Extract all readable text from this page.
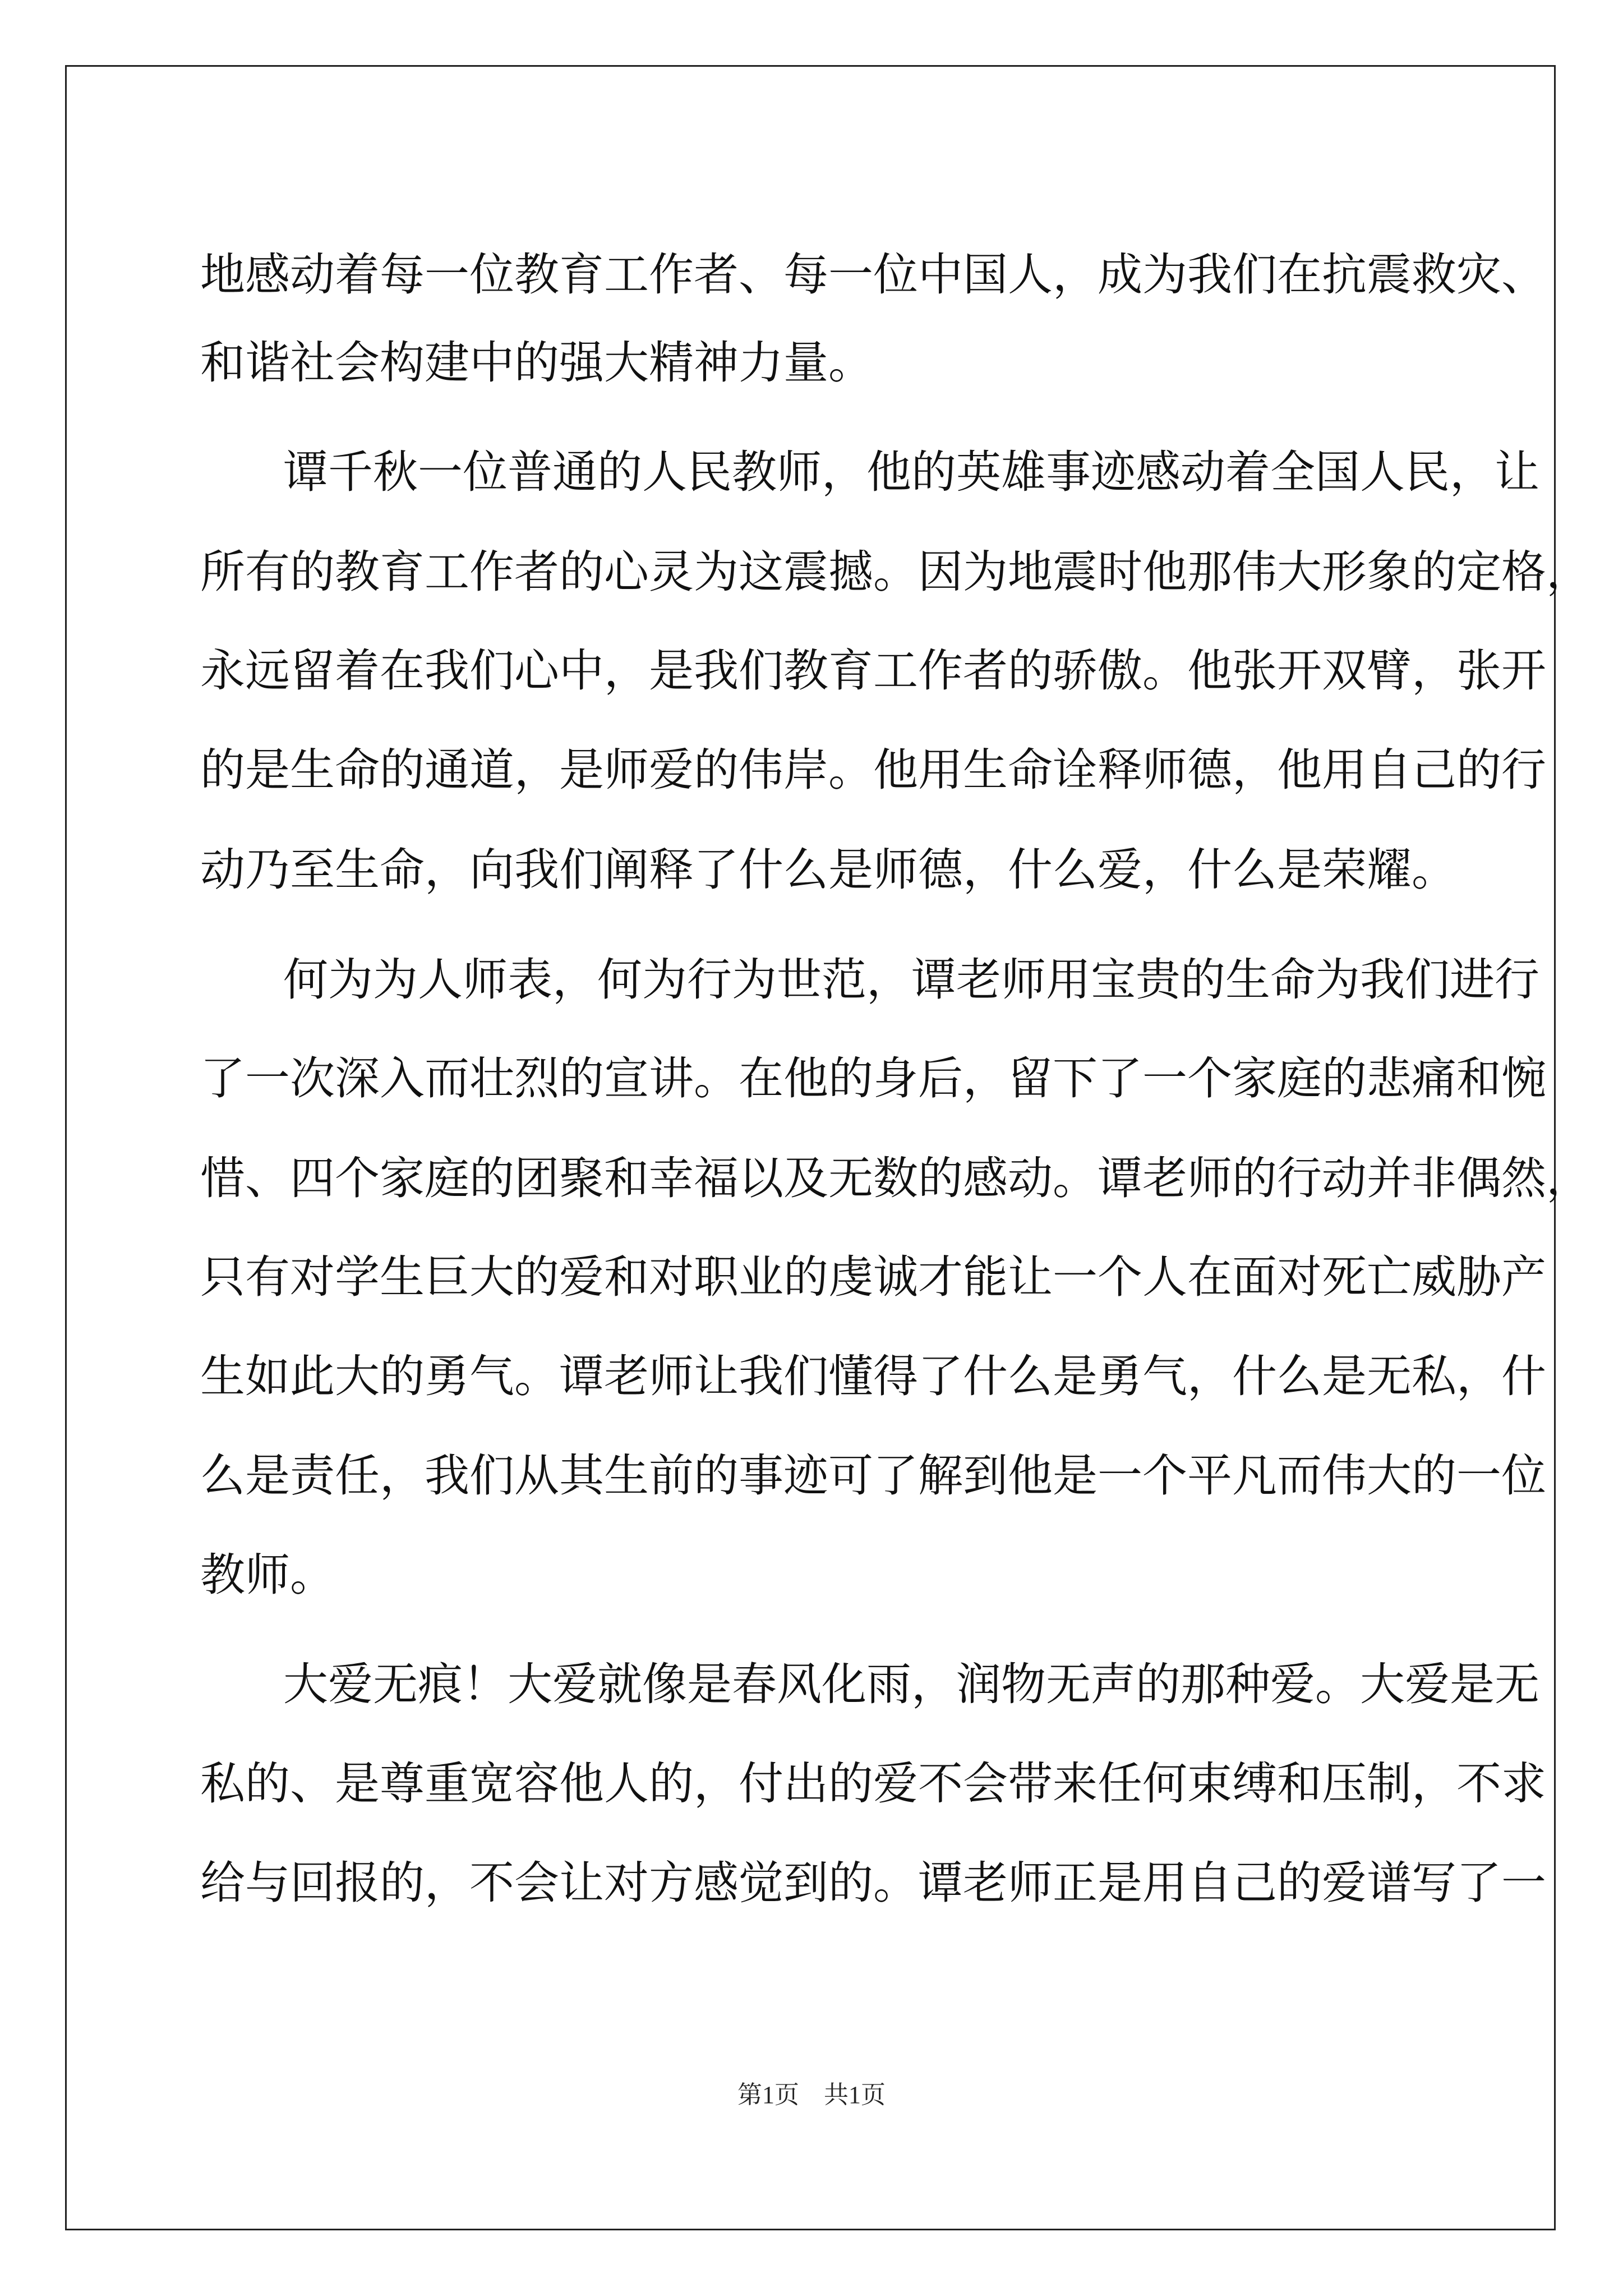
地感动着每一位教育工作者、每一位中国人，成为我们在抗震救灾、
和谐社会构建中的强大精神力量。
谭千秋一位普通的人民教师，他的英雄事迹感动着全国人民，让
所有的教育工作者的心灵为这震撼。因为地震时他那伟大形象的定格，
永远留着在我们心中，是我们教育工作者的骄傲。他张开双臂，张开
的是生命的通道，是师爱的伟岸。他用生命诠释师德，他用自己的行
动乃至生命，向我们阐释了什么是师德，什么爱，什么是荣耀。
何为为人师表，何为行为世范，谭老师用宝贵的生命为我们进行
了一次深入而壮烈的宣讲。在他的身后，留下了一个家庭的悲痛和惋
惜、四个家庭的团聚和幸福以及无数的感动。谭老师的行动并非偶然，
只有对学生巨大的爱和对职业的虔诚才能让一个人在面对死亡威胁产
生如此大的勇气。谭老师让我们懂得了什么是勇气，什么是无私，什
么是责任，我们从其生前的事迹可了解到他是一个平凡而伟大的一位
教师。
大爱无痕！大爱就像是春风化雨，润物无声的那种爱。大爱是无
私的、是尊重宽容他人的，付出的爱不会带来任何束缚和压制，不求
给与回报的，不会让对方感觉到的。谭老师正是用自己的爱谱写了一
第1页　共1页
